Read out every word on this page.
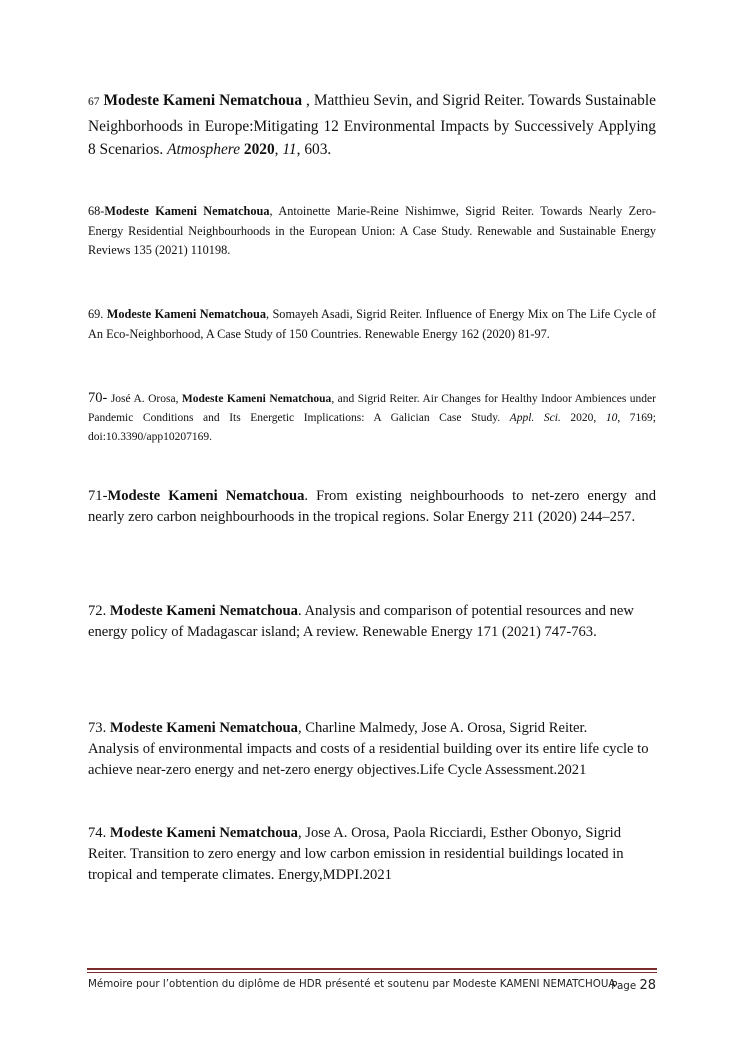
67 Modeste Kameni Nematchoua , Matthieu Sevin, and Sigrid Reiter. Towards Sustainable Neighborhoods in Europe:Mitigating 12 Environmental Impacts by Successively Applying 8 Scenarios. Atmosphere 2020, 11, 603.

68-Modeste Kameni Nematchoua, Antoinette Marie-Reine Nishimwe, Sigrid Reiter. Towards Nearly Zero-Energy Residential Neighbourhoods in the European Union: A Case Study. Renewable and Sustainable Energy Reviews 135 (2021) 110198.

69. Modeste Kameni Nematchoua, Somayeh Asadi, Sigrid Reiter. Influence of Energy Mix on The Life Cycle of An Eco-Neighborhood, A Case Study of 150 Countries. Renewable Energy 162 (2020) 81-97.

70- José A. Orosa, Modeste Kameni Nematchoua, and Sigrid Reiter. Air Changes for Healthy Indoor Ambiences under Pandemic Conditions and Its Energetic Implications: A Galician Case Study. Appl. Sci. 2020, 10, 7169; doi:10.3390/app10207169.

71-Modeste Kameni Nematchoua. From existing neighbourhoods to net-zero energy and nearly zero carbon neighbourhoods in the tropical regions. Solar Energy 211 (2020) 244–257.

72. Modeste Kameni Nematchoua. Analysis and comparison of potential resources and new energy policy of Madagascar island; A review. Renewable Energy 171 (2021) 747-763.

73. Modeste Kameni Nematchoua, Charline Malmedy, Jose A. Orosa, Sigrid Reiter.
Analysis of environmental impacts and costs of a residential building over its entire life cycle to achieve near-zero energy and net-zero energy objectives.Life Cycle Assessment.2021

74. Modeste Kameni Nematchoua, Jose A. Orosa, Paola Ricciardi, Esther Obonyo, Sigrid Reiter. Transition to zero energy and low carbon emission in residential buildings located in tropical and temperate climates. Energy,MDPI.2021

Mémoire pour l’obtention du diplôme de HDR présenté et soutenu par Modeste KAMENI NEMATCHOUA
Page 28
